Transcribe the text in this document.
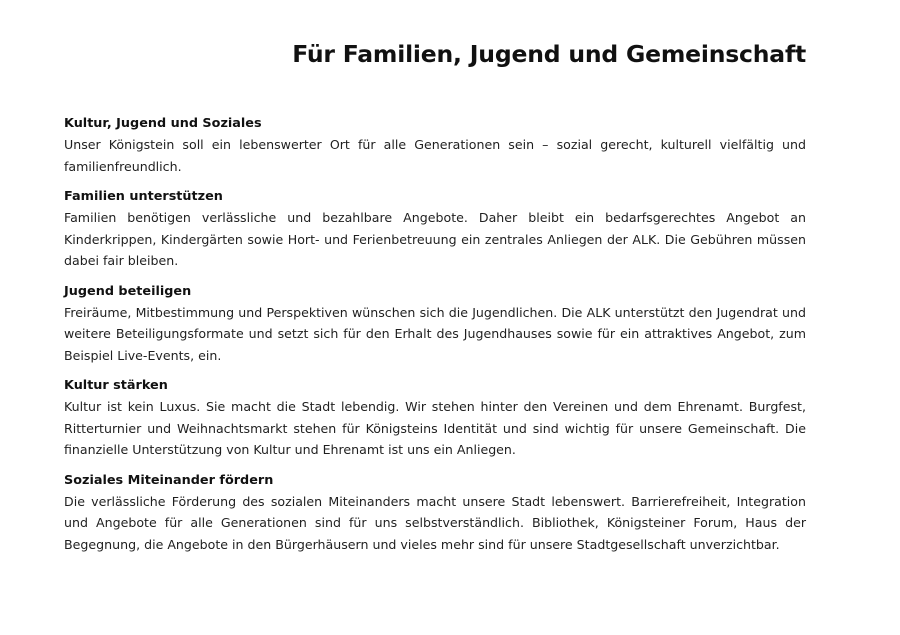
Für Familien, Jugend und Gemeinschaft
Kultur, Jugend und Soziales

Unser Königstein soll ein lebenswerter Ort für alle Generationen sein – sozial gerecht, kulturell vielfältig und familienfreundlich.

Familien unterstützen

Familien benötigen verlässliche und bezahlbare Angebote. Daher bleibt ein bedarfsgerechtes Angebot an Kinderkrippen, Kindergärten sowie Hort- und Ferienbetreuung ein zentrales Anliegen der ALK. Die Gebühren müssen dabei fair bleiben.

Jugend beteiligen

Freiräume, Mitbestimmung und Perspektiven wünschen sich die Jugendlichen. Die ALK unterstützt den Jugendrat und weitere Beteiligungsformate und setzt sich für den Erhalt des Jugendhauses sowie für ein attraktives Angebot, zum Beispiel Live-Events, ein.

Kultur stärken

Kultur ist kein Luxus. Sie macht die Stadt lebendig. Wir stehen hinter den Vereinen und dem Ehrenamt. Burgfest, Ritterturnier und Weihnachtsmarkt stehen für Königsteins Identität und sind wichtig für unsere Gemeinschaft. Die finanzielle Unterstützung von Kultur und Ehrenamt ist uns ein Anliegen.

Soziales Miteinander fördern

Die verlässliche Förderung des sozialen Miteinanders macht unsere Stadt lebenswert. Barrierefreiheit, Integration und Angebote für alle Generationen sind für uns selbstverständlich. Bibliothek, Königsteiner Forum, Haus der Begegnung, die Angebote in den Bürgerhäusern und vieles mehr sind für unsere Stadtgesellschaft unverzichtbar.
